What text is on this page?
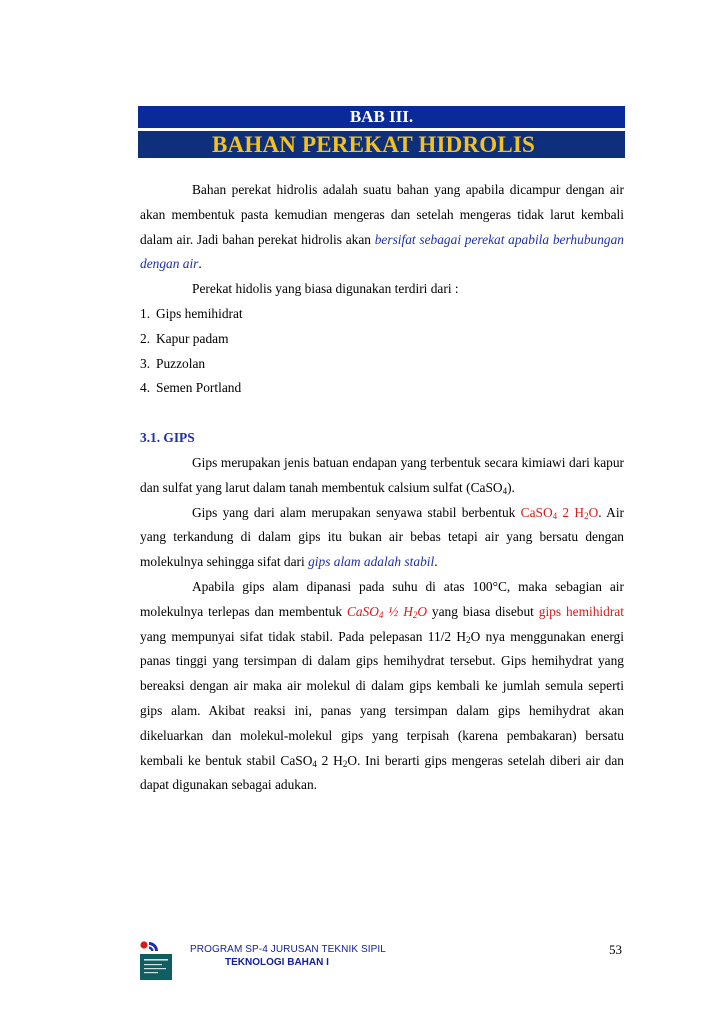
BAB III.
BAHAN PEREKAT HIDROLIS

Bahan perekat hidrolis adalah suatu bahan yang apabila dicampur dengan air akan membentuk pasta kemudian mengeras dan setelah mengeras tidak larut kembali dalam air. Jadi bahan perekat hidrolis akan bersifat sebagai perekat apabila berhubungan dengan air.

Perekat hidolis yang biasa digunakan terdiri dari :

1. Gips hemihidrat
2. Kapur padam
3. Puzzolan
4. Semen Portland

3.1. GIPS

Gips merupakan jenis batuan endapan yang terbentuk secara kimiawi dari kapur dan sulfat yang larut dalam tanah membentuk calsium sulfat (CaSO$_4$).

Gips yang dari alam merupakan senyawa stabil berbentuk CaSO$_4$ 2 $H_2O$. Air yang terkandung di dalam gips itu bukan air bebas tetapi air yang bersatu dengan molekulnya sehingga sifat dari gips alam adalah stabil.

Apabila gips alam dipanasi pada suhu di atas 100°C, maka sebagian air molekulnya terlepas dan membentuk CaSO$_4$ ½ $H_2O$ yang biasa disebut gips hemihidrat yang mempunyai sifat tidak stabil. Pada pelepasan 11/2 $H_2O$ nya menggunakan energi panas tinggi yang tersimpan di dalam gips hemihydrat tersebut. Gips hemihydrat yang bereaksi dengan air maka air molekul di dalam gips kembali ke jumlah semula seperti gips alam. Akibat reaksi ini, panas yang tersimpan dalam gips hemihydrat akan dikeluarkan dan molekul-molekul gips yang terpisah (karena pembakaran) bersatu kembali ke bentuk stabil CaSO$_4$ 2 $H_2O$. Ini berarti gips mengeras setelah diberi air dan dapat digunakan sebagai adukan.

PROGRAM SP-4 JURUSAN TEKNIK SIPIL
TEKNOLOGI BAHAN I
53
